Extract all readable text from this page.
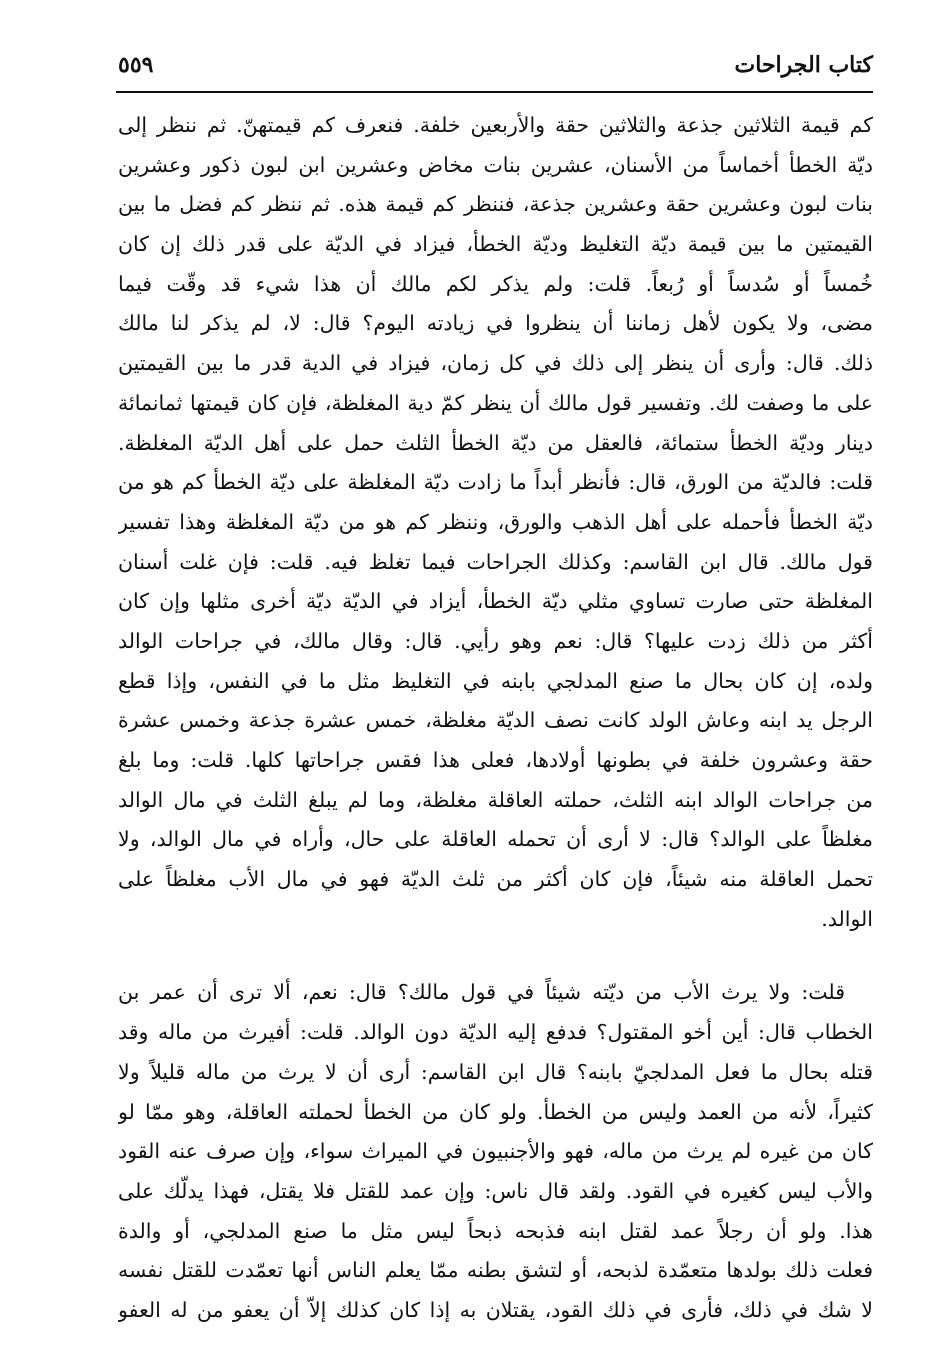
كتاب الجراحات
٥٥٩
كم قيمة الثلاثين جذعة والثلاثين حقة والأربعين خلفة. فنعرف كم قيمتهنّ. ثم ننظر إلى
ديّة الخطأ أخماساً من الأسنان، عشرين بنات مخاض وعشرين ابن لبون ذكور وعشرين
بنات لبون وعشرين حقة وعشرين جذعة، فننظر كم قيمة هذه. ثم ننظر كم فضل ما بين
القيمتين ما بين قيمة ديّة التغليظ وديّة الخطأ، فيزاد في الديّة على قدر ذلك إن كان
خُمساً أو سُدساً أو رُبعاً. قلت: ولم يذكر لكم مالك أن هذا شيء قد وقّت فيما
مضى، ولا يكون لأهل زماننا أن ينظروا في زيادته اليوم؟ قال: لا، لم يذكر لنا مالك
ذلك. قال: وأرى أن ينظر إلى ذلك في كل زمان، فيزاد في الدية قدر ما بين القيمتين
على ما وصفت لك. وتفسير قول مالك أن ينظر كمّ دية المغلظة، فإن كان قيمتها ثمانمائة
دينار وديّة الخطأ ستمائة، فالعقل من ديّة الخطأ الثلث حمل على أهل الديّة المغلظة.
قلت: فالديّة من الورق، قال: فأنظر أبداً ما زادت ديّة المغلظة على ديّة الخطأ كم هو من
ديّة الخطأ فأحمله على أهل الذهب والورق، وننظر كم هو من ديّة المغلظة وهذا تفسير
قول مالك. قال ابن القاسم: وكذلك الجراحات فيما تغلظ فيه. قلت: فإن غلت أسنان
المغلظة حتى صارت تساوي مثلي ديّة الخطأ، أيزاد في الديّة ديّة أخرى مثلها وإن كان
أكثر من ذلك زدت عليها؟ قال: نعم وهو رأيي. قال: وقال مالك، في جراحات الوالد
ولده، إن كان بحال ما صنع المدلجي بابنه في التغليظ مثل ما في النفس، وإذا قطع
الرجل يد ابنه وعاش الولد كانت نصف الديّة مغلظة، خمس عشرة جذعة وخمس عشرة
حقة وعشرون خلفة في بطونها أولادها، فعلى هذا فقس جراحاتها كلها. قلت: وما بلغ
من جراحات الوالد ابنه الثلث، حملته العاقلة مغلظة، وما لم يبلغ الثلث في مال الوالد
مغلظاً على الوالد؟ قال: لا أرى أن تحمله العاقلة على حال، وأراه في مال الوالد، ولا
تحمل العاقلة منه شيئاً، فإن كان أكثر من ثلث الديّة فهو في مال الأب مغلظاً على
الوالد.
قلت: ولا يرث الأب من ديّته شيئاً في قول مالك؟ قال: نعم، ألا ترى أن عمر بن
الخطاب قال: أين أخو المقتول؟ فدفع إليه الديّة دون الوالد. قلت: أفيرث من ماله وقد
قتله بحال ما فعل المدلجيّ بابنه؟ قال ابن القاسم: أرى أن لا يرث من ماله قليلاً ولا
كثيراً، لأنه من العمد وليس من الخطأ. ولو كان من الخطأ لحملته العاقلة، وهو ممّا لو
كان من غيره لم يرث من ماله، فهو والأجنبيون في الميراث سواء، وإن صرف عنه القود
والأب ليس كغيره في القود. ولقد قال ناس: وإن عمد للقتل فلا يقتل، فهذا يدلّك على
هذا. ولو أن رجلاً عمد لقتل ابنه فذبحه ذبحاً ليس مثل ما صنع المدلجي، أو والدة
فعلت ذلك بولدها متعمّدة لذبحه، أو لتشق بطنه ممّا يعلم الناس أنها تعمّدت للقتل نفسه
لا شك في ذلك، فأرى في ذلك القود، يقتلان به إذا كان كذلك إلاّ أن يعفو من له العفو
